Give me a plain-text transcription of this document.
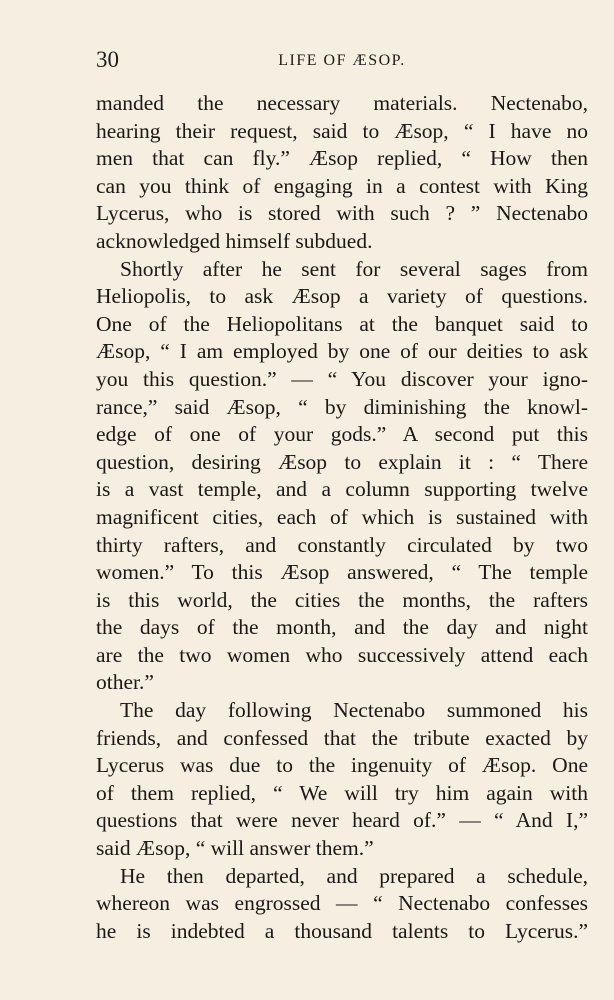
30	LIFE OF ÆSOP.
manded the necessary materials. Nectenabo,
hearing their request, said to Æsop, “ I have no
men that can fly.” Æsop replied, “ How then
can you think of engaging in a contest with King
Lycerus, who is stored with such ? ” Nectenabo
acknowledged himself subdued.
Shortly after he sent for several sages from
Heliopolis, to ask Æsop a variety of questions.
One of the Heliopolitans at the banquet said to
Æsop, “ I am employed by one of our deities to ask
you this question.” — “ You discover your igno-
rance,” said Æsop, “ by diminishing the knowl-
edge of one of your gods.” A second put this
question, desiring Æsop to explain it : “ There
is a vast temple, and a column supporting twelve
magnificent cities, each of which is sustained with
thirty rafters, and constantly circulated by two
women.” To this Æsop answered, “ The temple
is this world, the cities the months, the rafters
the days of the month, and the day and night
are the two women who successively attend each
other.”
The day following Nectenabo summoned his
friends, and confessed that the tribute exacted by
Lycerus was due to the ingenuity of Æsop. One
of them replied, “ We will try him again with
questions that were never heard of.” — “ And I,”
said Æsop, “ will answer them.”
He then departed, and prepared a schedule,
whereon was engrossed — “ Nectenabo confesses
he is indebted a thousand talents to Lycerus.”
